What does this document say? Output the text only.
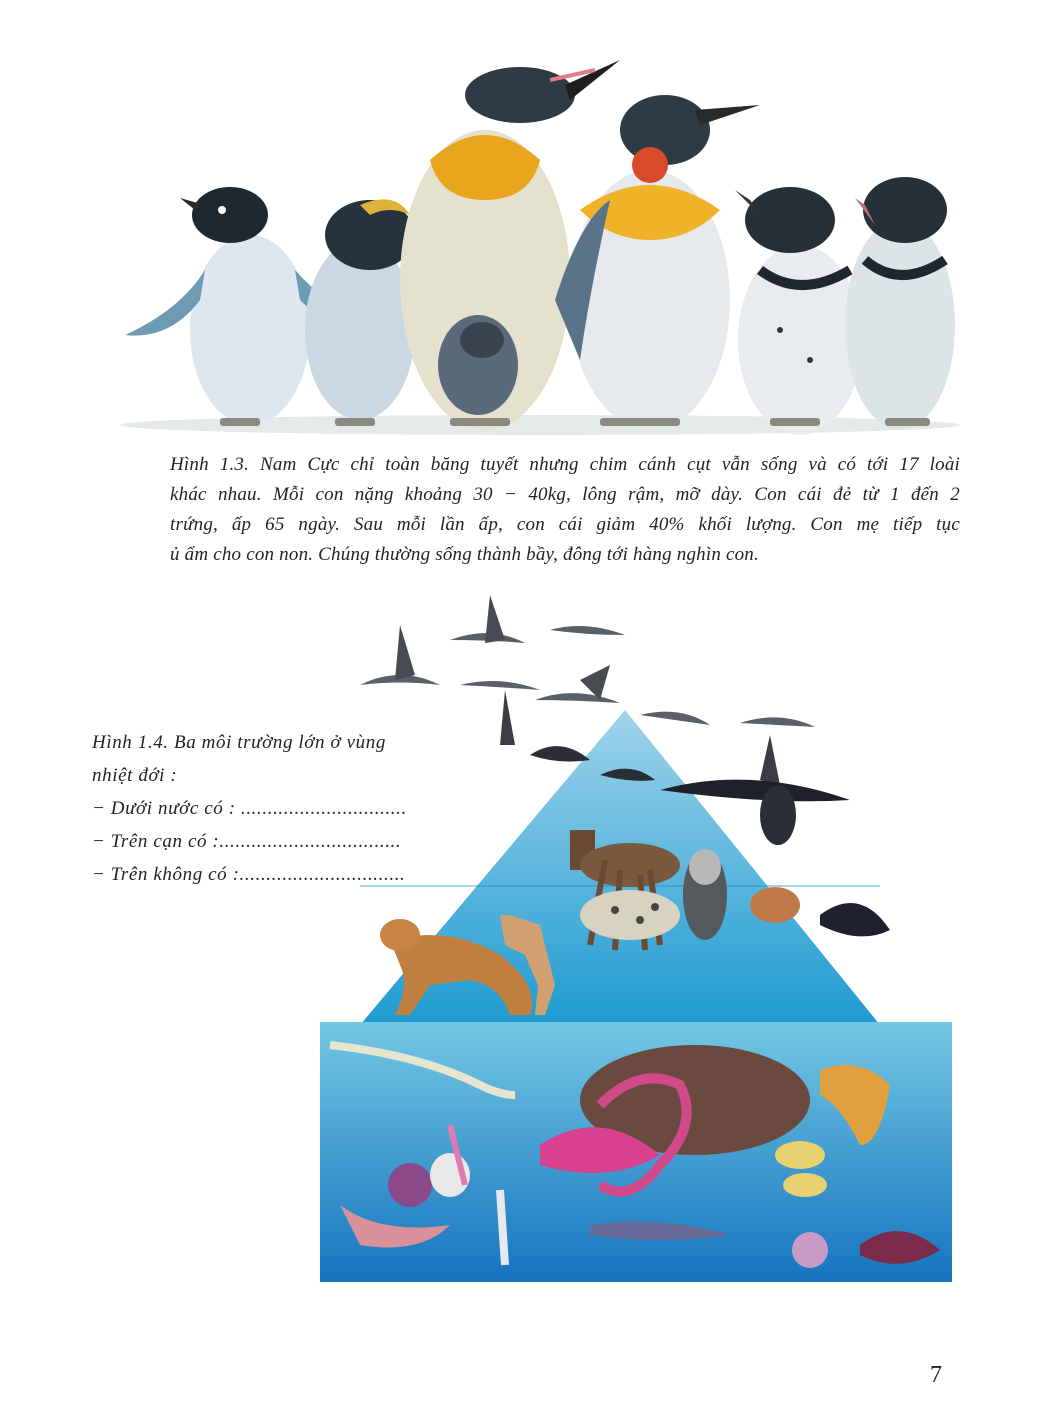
Hình 1.3. Nam Cực chỉ toàn băng tuyết nhưng chim cánh cụt vẫn sống và có tới 17 loài
khác nhau. Mỗi con nặng khoảng 30 − 40kg, lông rậm, mỡ dày. Con cái đẻ từ 1 đến 2
trứng, ấp 65 ngày. Sau mỗi lần ấp, con cái giảm 40% khối lượng. Con mẹ tiếp tục
ủ ấm cho con non. Chúng thường sống thành bầy, đông tới hàng nghìn con.
Hình 1.4. Ba môi trường lớn ở vùng
nhiệt đới :
− Dưới nước có : ...............................
− Trên cạn có :..................................
− Trên không có :...............................
7
